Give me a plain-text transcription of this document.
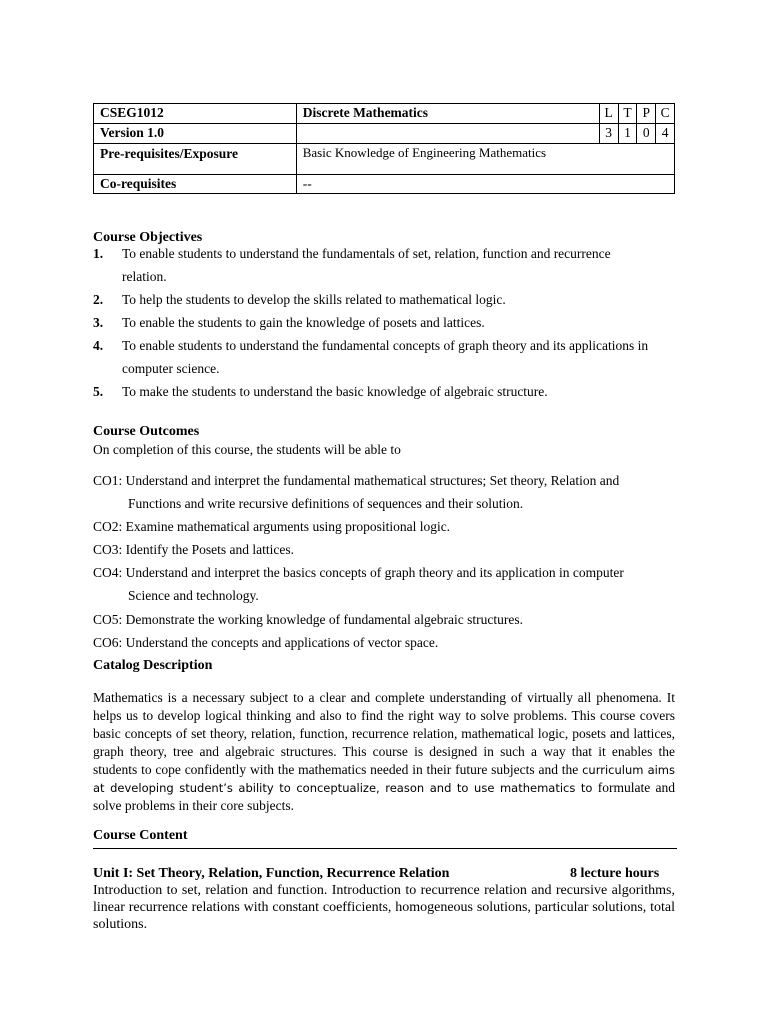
CSEG1012	Discrete Mathematics	L	T	P	C
Version 1.0		3	1	0	4
Pre-requisites/Exposure	Basic Knowledge of Engineering Mathematics				
Co-requisites	--				
Course Objectives
1. To enable students to understand the fundamentals of set, relation, function and recurrence
relation.
2. To help the students to develop the skills related to mathematical logic.
3. To enable the students to gain the knowledge of posets and lattices.
4. To enable students to understand the fundamental concepts of graph theory and its applications in
computer science.
5. To make the students to understand the basic knowledge of algebraic structure.
Course Outcomes
On completion of this course, the students will be able to
CO1: Understand and interpret the fundamental mathematical structures; Set theory, Relation and
Functions and write recursive definitions of sequences and their solution.
CO2: Examine mathematical arguments using propositional logic.
CO3: Identify the Posets and lattices.
CO4: Understand and interpret the basics concepts of graph theory and its application in computer
Science and technology.
CO5: Demonstrate the working knowledge of fundamental algebraic structures.
CO6: Understand the concepts and applications of vector space.
Catalog Description
Mathematics is a necessary subject to a clear and complete understanding of virtually all phenomena. It helps us to develop logical thinking and also to find the right way to solve problems. This course covers basic concepts of set theory, relation, function, recurrence relation, mathematical logic, posets and lattices, graph theory, tree and algebraic structures. This course is designed in such a way that it enables the students to cope confidently with the mathematics needed in their future subjects and the curriculum aims at developing student’s ability to conceptualize, reason and to use mathematics to formulate and solve problems in their core subjects.
Course Content
Unit I: Set Theory, Relation, Function, Recurrence Relation	8 lecture hours
Introduction to set, relation and function. Introduction to recurrence relation and recursive algorithms, linear recurrence relations with constant coefficients, homogeneous solutions, particular solutions, total solutions.
